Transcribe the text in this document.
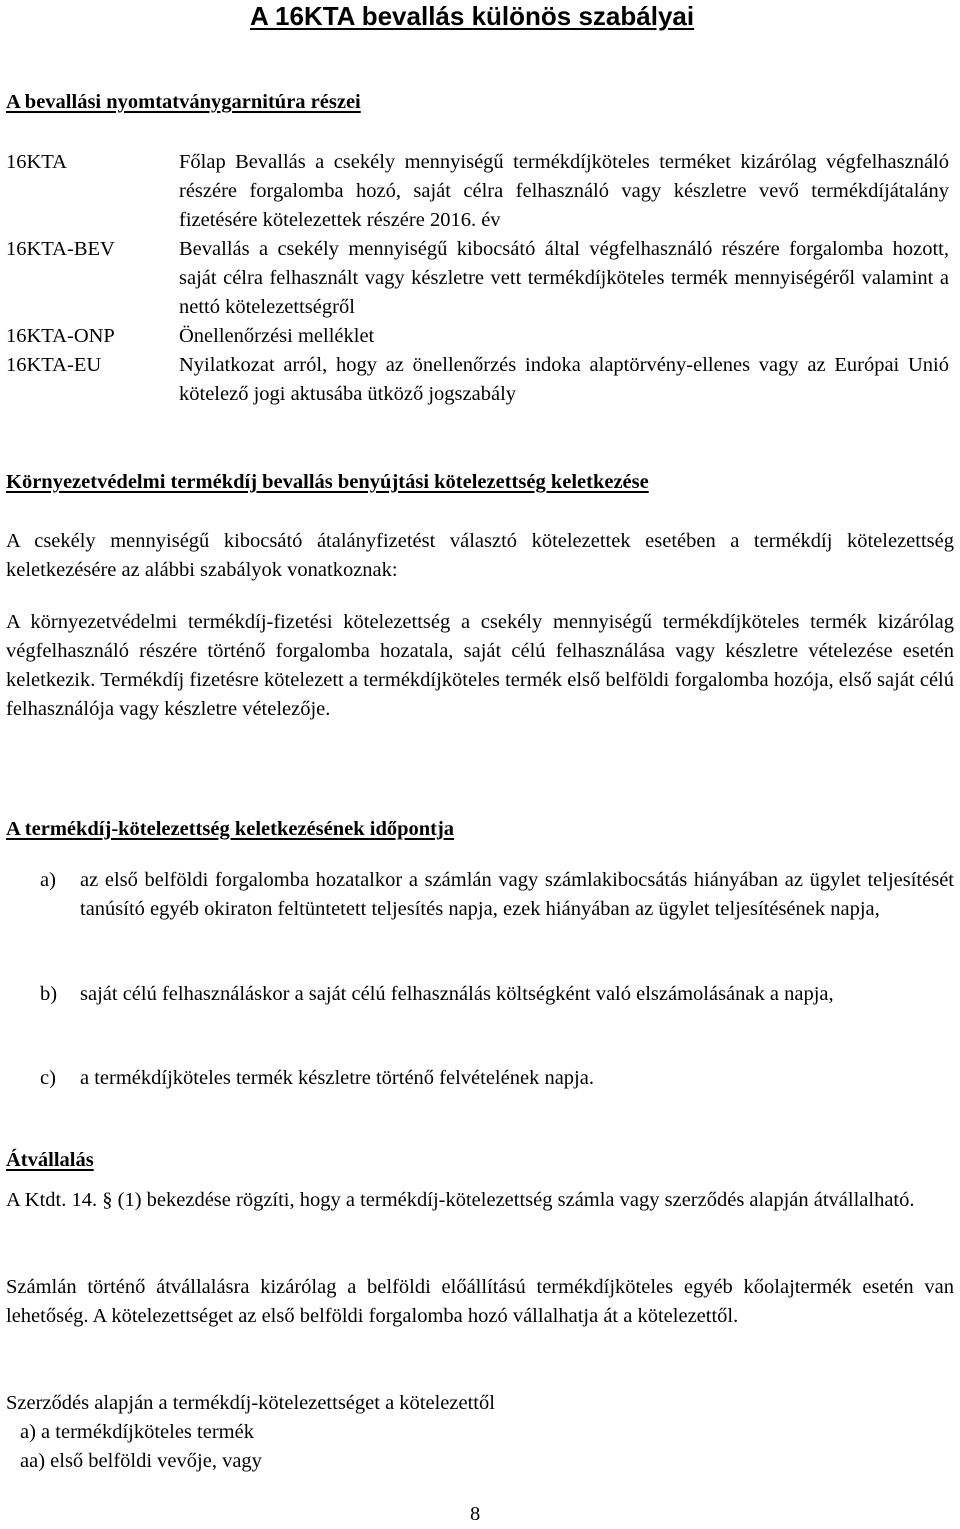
A 16KTA bevallás különös szabályai
A bevallási nyomtatványgarnitúra részei
16KTA	Főlap Bevallás a csekély mennyiségű termékdíjköteles terméket kizárólag végfelhasználó részére forgalomba hozó, saját célra felhasználó vagy készletre vevő termékdíjátalány fizetésére kötelezettek részére 2016. év
16KTA-BEV	Bevallás a csekély mennyiségű kibocsátó által végfelhasználó részére forgalomba hozott, saját célra felhasznált vagy készletre vett termékdíjköteles termék mennyiségéről valamint a nettó kötelezettségről
16KTA-ONP	Önellenőrzési melléklet
16KTA-EU	Nyilatkozat arról, hogy az önellenőrzés indoka alaptörvény-ellenes vagy az Európai Unió kötelező jogi aktusába ütköző jogszabály
Környezetvédelmi termékdíj bevallás benyújtási kötelezettség keletkezése
A csekély mennyiségű kibocsátó átalányfizetést választó kötelezettek esetében a termékdíj kötelezettség keletkezésére az alábbi szabályok vonatkoznak:
A környezetvédelmi termékdíj-fizetési kötelezettség a csekély mennyiségű termékdíjköteles termék kizárólag végfelhasználó részére történő forgalomba hozatala, saját célú felhasználása vagy készletre vételezése esetén keletkezik. Termékdíj fizetésre kötelezett a termékdíjköteles termék első belföldi forgalomba hozója, első saját célú felhasználója vagy készletre vételezője.
A termékdíj-kötelezettség keletkezésének időpontja
a) az első belföldi forgalomba hozatalkor a számlán vagy számlakibocsátás hiányában az ügylet teljesítését tanúsító egyéb okiraton feltüntetett teljesítés napja, ezek hiányában az ügylet teljesítésének napja,
b) saját célú felhasználáskor a saját célú felhasználás költségként való elszámolásának a napja,
c) a termékdíjköteles termék készletre történő felvételének napja.
Átvállalás
A Ktdt. 14. § (1) bekezdése rögzíti, hogy a termékdíj-kötelezettség számla vagy szerződés alapján átvállalható.
Számlán történő átvállalásra kizárólag a belföldi előállítású termékdíjköteles egyéb kőolajtermék esetén van lehetőség. A kötelezettséget az első belföldi forgalomba hozó vállalhatja át a kötelezettől.
Szerződés alapján a termékdíj-kötelezettséget a kötelezettől
a) a termékdíjköteles termék
aa) első belföldi vevője, vagy
8
